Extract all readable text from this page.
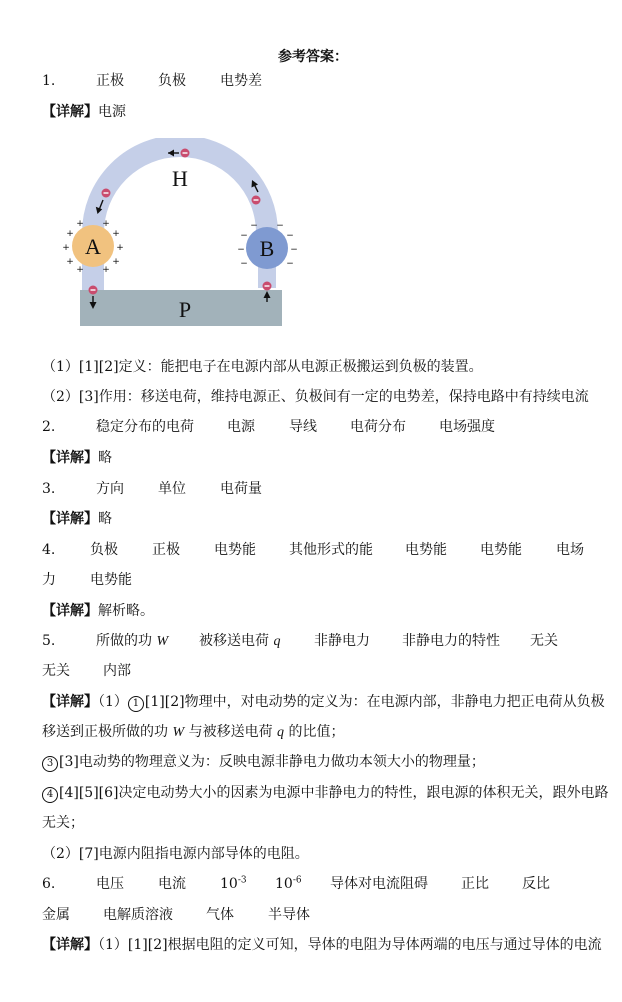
参考答案：
1.	正极 负极 电势差
【详解】电源
P
H
A
+ +
+	+
+	+
+	+
+ +
B
− −
−	−
−	−
−	−
（1）[1][2]定义：能把电子在电源内部从电源正极搬运到负极的装置。
（2）[3]作用：移送电荷，维持电源正、负极间有一定的电势差，保持电路中有持续电流
2.	稳定分布的电荷 电源 导线 电荷分布 电场强度
【详解】略
3.	方向 单位 电荷量
【详解】略
4. 负极 正极 电势能 其他形式的能 电势能 电势能 电场
力 电势能
【详解】解析略。
5.	所做的功 W 被移送电荷 q 非静电力 非静电力的特性 无关
无关 内部
【详解】（1） 1 [1][2]物理中，对电动势的定义为：在电源内部，非静电力把正电荷从负极
移送到正极所做的功 W 与被移送电荷 q 的比值；
3 [3]电动势的物理意义为：反映电源非静电力做功本领大小的物理量；
4 [4][5][6]决定电动势大小的因素为电源中非静电力的特性，跟电源的体积无关，跟外电路
无关；
（2）[7]电源内阻指电源内部导体的电阻。
6.	电压 电流 $10^{-3}$ $10^{-6}$ 导体对电流阻碍 正比 反比
金属 电解质溶液 气体 半导体
【详解】（1）[1][2]根据电阻的定义可知，导体的电阻为导体两端的电压与通过导体的电流
